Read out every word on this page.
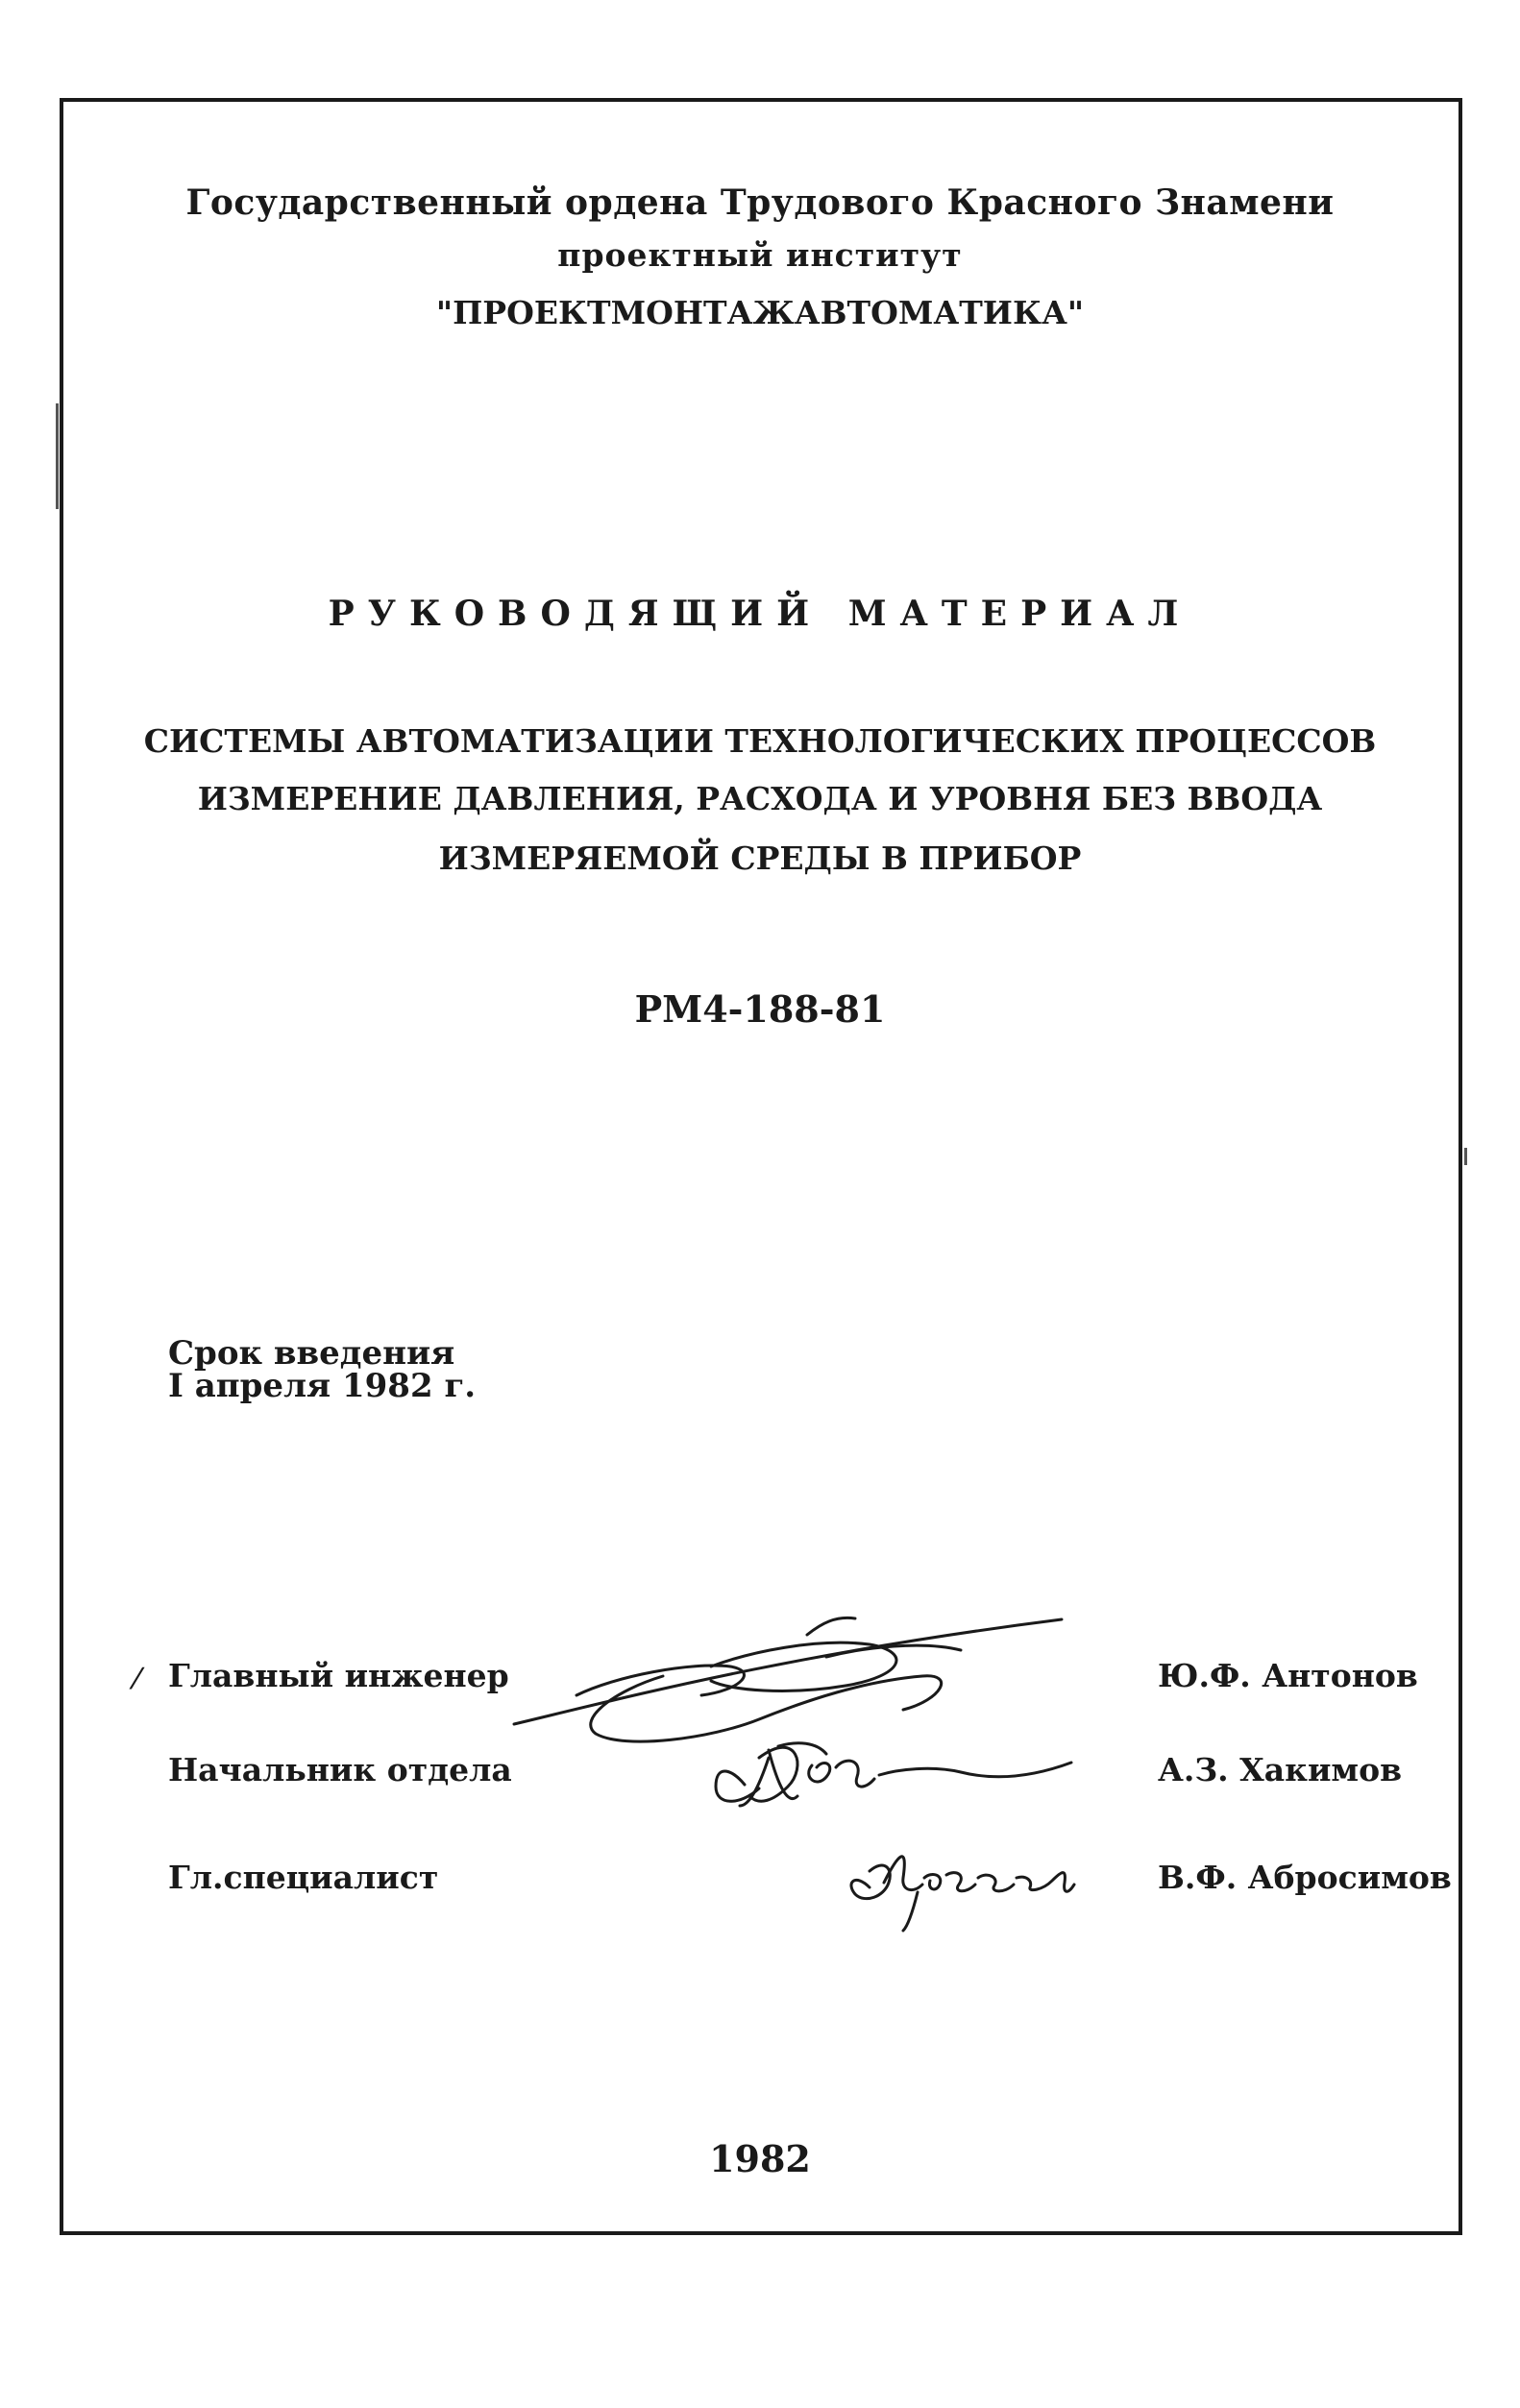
Государственный ордена Трудового Красного Знамени
проектный институт
"ПРОЕКТМОНТАЖАВТОМАТИКА"
РУКОВОДЯЩИЙ МАТЕРИАЛ
СИСТЕМЫ АВТОМАТИЗАЦИИ ТЕХНОЛОГИЧЕСКИХ ПРОЦЕССОВ
ИЗМЕРЕНИЕ ДАВЛЕНИЯ, РАСХОДА И УРОВНЯ БЕЗ ВВОДА
ИЗМЕРЯЕМОЙ СРЕДЫ В ПРИБОР
РМ4-188-81
Срок введения
I апреля 1982 г.
⁄ Главный инженер	Ю.Ф. Антонов
Начальник отдела	А.З. Хакимов
Гл.специалист	В.Ф. Абросимов
1982
